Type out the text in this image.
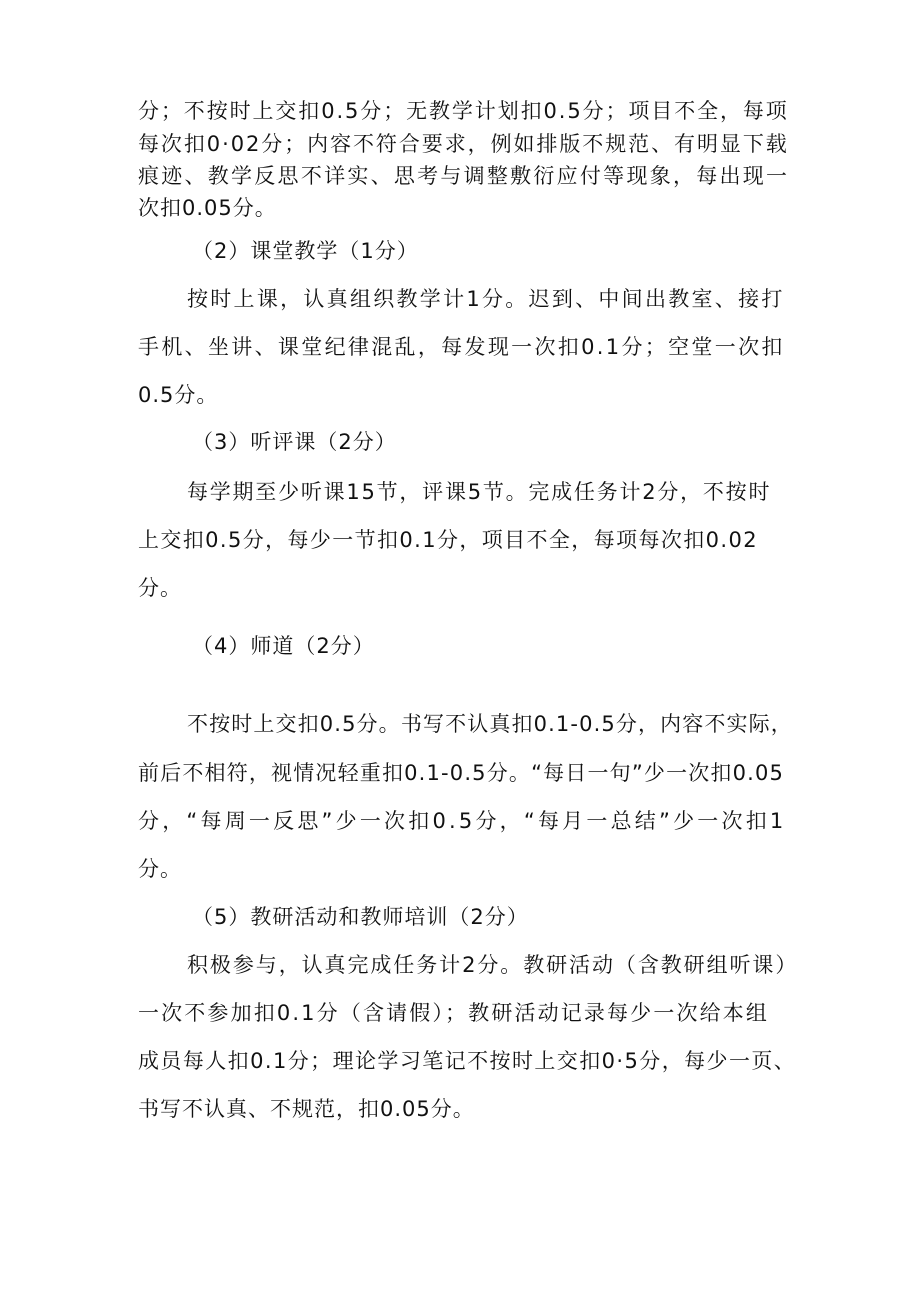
分；不按时上交扣0.5分；无教学计划扣0.5分；项目不全，每项
每次扣0·02分；内容不符合要求，例如排版不规范、有明显下载
痕迹、教学反思不详实、思考与调整敷衍应付等现象，每出现一
次扣0.05分。
（2）课堂教学（1分）
按时上课，认真组织教学计1分。迟到、中间出教室、接打
手机、坐讲、课堂纪律混乱，每发现一次扣0.1分；空堂一次扣
0.5分。
（3）听评课（2分）
每学期至少听课15节，评课5节。完成任务计2分，不按时
上交扣0.5分，每少一节扣0.1分，项目不全，每项每次扣0.02
分。
（4）师道（2分）
不按时上交扣0.5分。书写不认真扣0.1-0.5分，内容不实际，
前后不相符，视情况轻重扣0.1-0.5分。“每日一句”少一次扣0.05
分，“每周一反思”少一次扣0.5分，“每月一总结”少一次扣1
分。
（5）教研活动和教师培训（2分）
积极参与，认真完成任务计2分。教研活动（含教研组听课）
一次不参加扣0.1分（含请假）；教研活动记录每少一次给本组
成员每人扣0.1分；理论学习笔记不按时上交扣0·5分，每少一页、
书写不认真、不规范，扣0.05分。
